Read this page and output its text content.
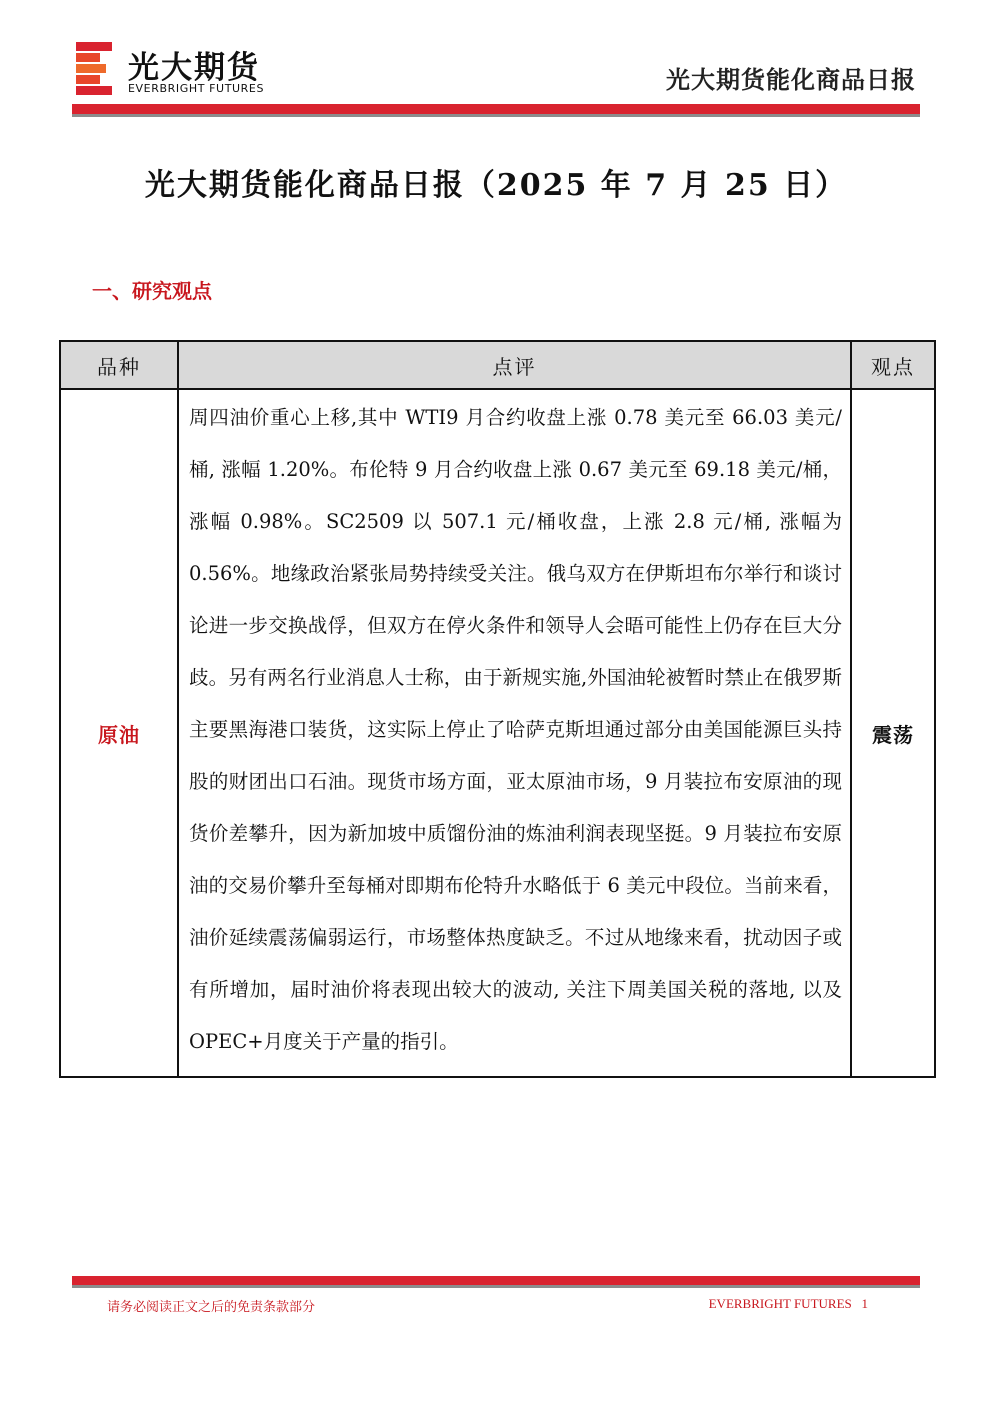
光大期货
EVERBRIGHT FUTURES	光大期货能化商品日报
光大期货能化商品日报（2025 年 7 月 25 日）
一、研究观点
品种	点评	观点
原油	周四油价重心上移,其中 WTI9 月合约收盘上涨 0.78 美元至 66.03 美元/桶, 涨幅 1.20%。布伦特 9 月合约收盘上涨 0.67 美元至 69.18 美元/桶，涨幅 0.98%。SC2509 以 507.1 元/桶收盘，上涨 2.8 元/桶, 涨幅为 0.56%。地缘政治紧张局势持续受关注。俄乌双方在伊斯坦布尔举行和谈讨论进一步交换战俘，但双方在停火条件和领导人会晤可能性上仍存在巨大分歧。另有两名行业消息人士称，由于新规实施,外国油轮被暂时禁止在俄罗斯主要黑海港口装货，这实际上停止了哈萨克斯坦通过部分由美国能源巨头持股的财团出口石油。现货市场方面，亚太原油市场，9 月装拉布安原油的现货价差攀升，因为新加坡中质馏份油的炼油利润表现坚挺。9 月装拉布安原油的交易价攀升至每桶对即期布伦特升水略低于 6 美元中段位。当前来看，油价延续震荡偏弱运行，市场整体热度缺乏。不过从地缘来看，扰动因子或有所增加，届时油价将表现出较大的波动, 关注下周美国关税的落地, 以及 OPEC+月度关于产量的指引。	震荡
请务必阅读正文之后的免责条款部分	EVERBRIGHT FUTURES 1
